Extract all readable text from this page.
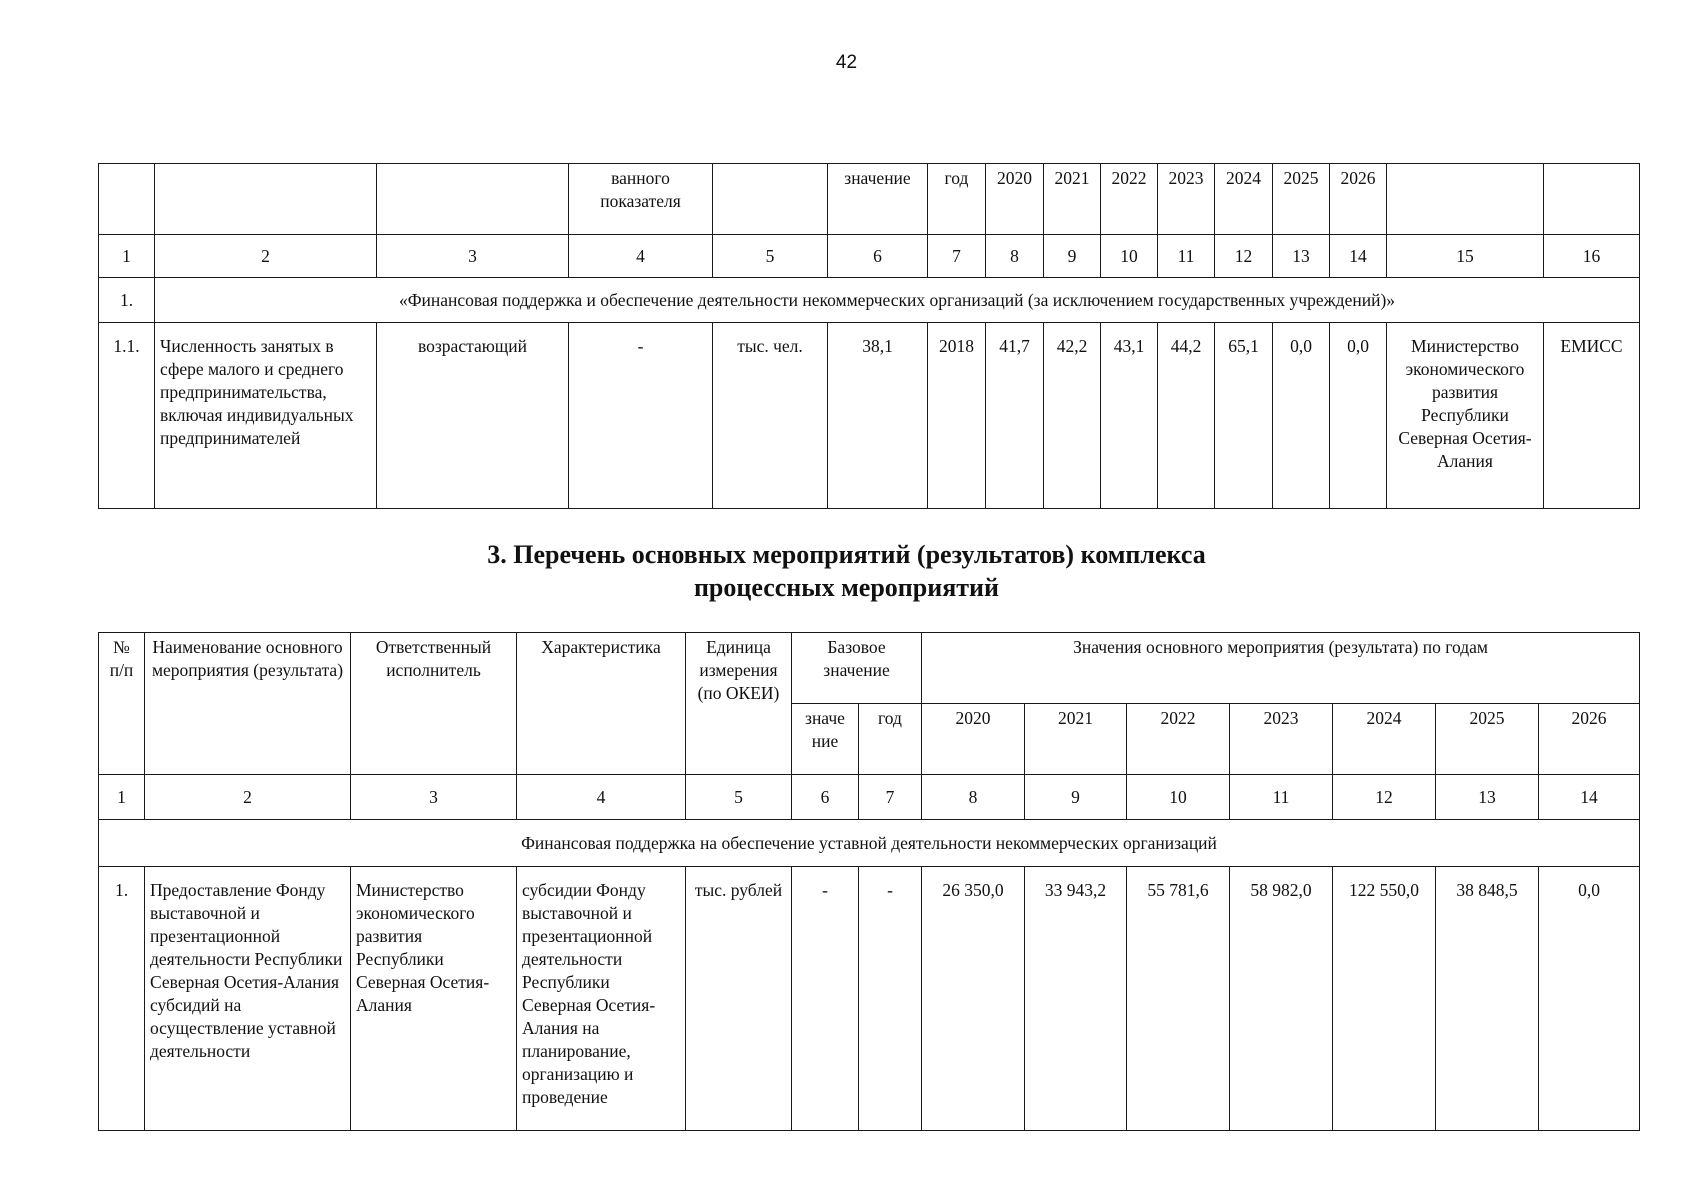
42
			ванного показателя		значение	год	2020	2021	2022	2023	2024	2025	2026		
1	2	3	4	5	6	7	8	9	10	11	12	13	14	15	16
1.	«Финансовая поддержка и обеспечение деятельности некоммерческих организаций (за исключением государственных учреждений)»														
1.1.	Численность занятых в сфере малого и среднего предпринимательства, включая индивидуальных предпринимателей	возрастающий	-	тыс. чел.	38,1	2018	41,7	42,2	43,1	44,2	65,1	0,0	0,0	Министерство экономического развития Республики Северная Осетия-Алания	ЕМИСС
3. Перечень основных мероприятий (результатов) комплекса
процессных мероприятий
№ п/п	Наименование основного мероприятия (результата)	Ответственный исполнитель	Характеристика	Единица измерения (по ОКЕИ)	Базовое значение		Значения основного мероприятия (результата) по годам						
					значе ние	год	2020	2021	2022	2023	2024	2025	2026
1	2	3	4	5	6	7	8	9	10	11	12	13	14
Финансовая поддержка на обеспечение уставной деятельности некоммерческих организаций													
1.	Предоставление Фонду выставочной и презентационной деятельности Республики Северная Осетия-Алания субсидий на осуществление уставной деятельности	Министерство экономического развития Республики Северная Осетия-Алания	субсидии Фонду выставочной и презентационной деятельности Республики Северная Осетия-Алания на планирование, организацию и проведение	тыс. рублей	-	-	26 350,0	33 943,2	55 781,6	58 982,0	122 550,0	38 848,5	0,0
